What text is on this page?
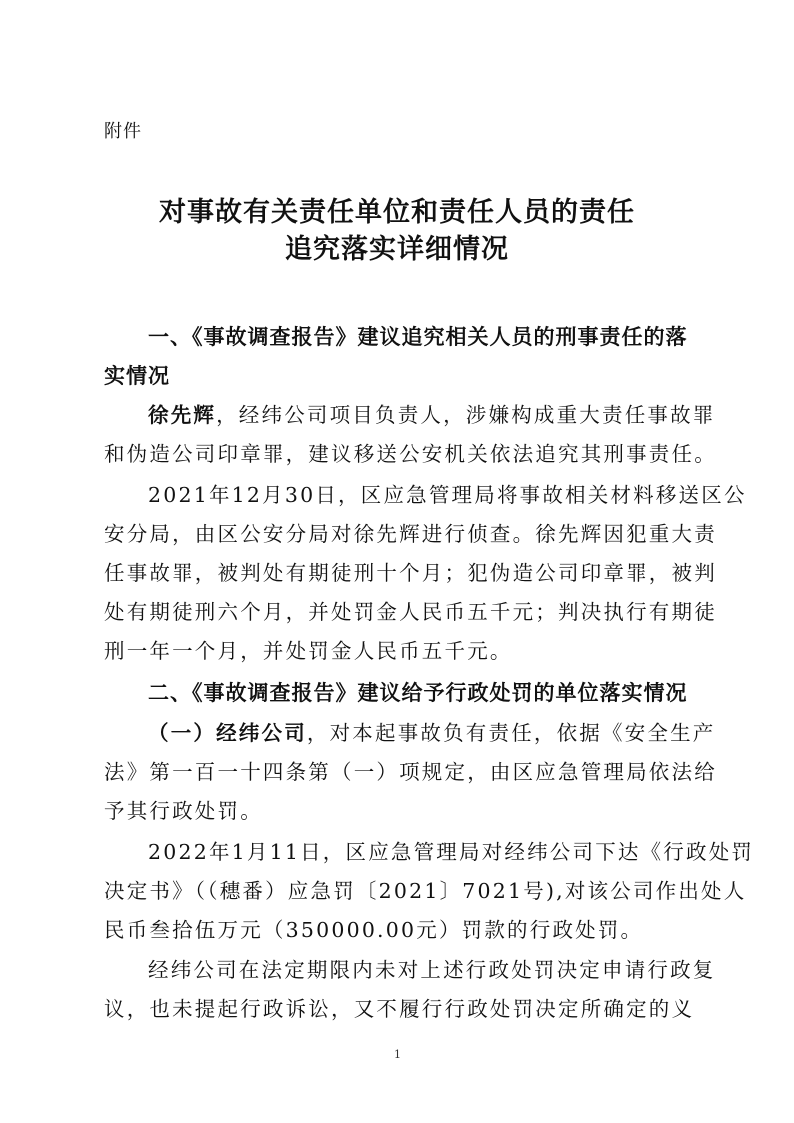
附件
对事故有关责任单位和责任人员的责任
追究落实详细情况
一、《事故调查报告》建议追究相关人员的刑事责任的落
实情况
徐先辉，经纬公司项目负责人，涉嫌构成重大责任事故罪
和伪造公司印章罪，建议移送公安机关依法追究其刑事责任。
2021年12月30日，区应急管理局将事故相关材料移送区公
安分局，由区公安分局对徐先辉进行侦查。徐先辉因犯重大责
任事故罪，被判处有期徒刑十个月；犯伪造公司印章罪，被判
处有期徒刑六个月，并处罚金人民币五千元；判决执行有期徒
刑一年一个月，并处罚金人民币五千元。
二、《事故调查报告》建议给予行政处罚的单位落实情况
（一）经纬公司，对本起事故负有责任，依据《安全生产
法》第一百一十四条第（一）项规定，由区应急管理局依法给
予其行政处罚。
2022年1月11日，区应急管理局对经纬公司下达《行政处罚
决定书》（（穗番）应急罚〔2021〕7021号),对该公司作出处人
民币叁拾伍万元（350000.00元）罚款的行政处罚。
经纬公司在法定期限内未对上述行政处罚决定申请行政复
议，也未提起行政诉讼，又不履行行政处罚决定所确定的义
1
